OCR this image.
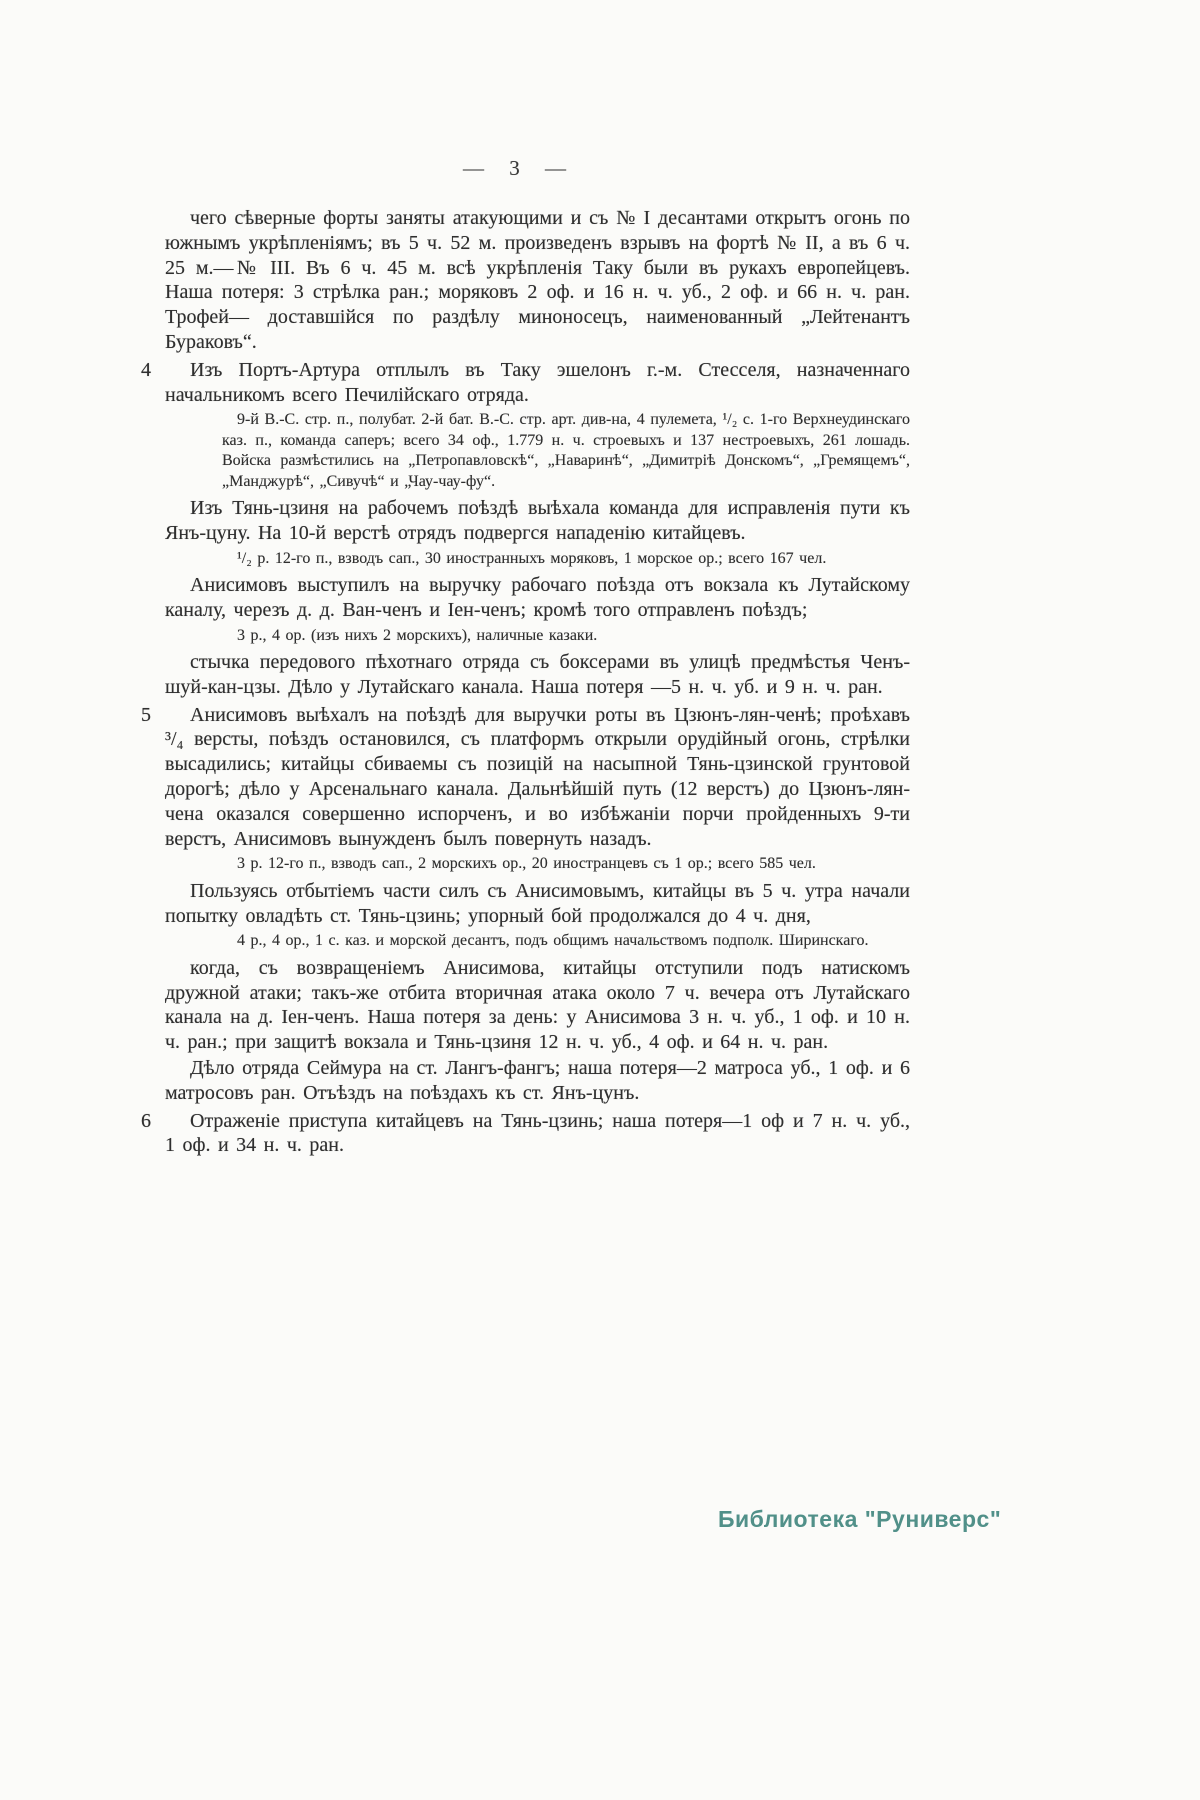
— 3 —

чего сѣверные форты заняты атакующими и съ № I десантами открытъ огонь по южнымъ укрѣпленіямъ; въ 5 ч. 52 м. произведенъ взрывъ на фортѣ № II, а въ 6 ч. 25 м.—№ III. Въ 6 ч. 45 м. всѣ укрѣпленія Таку были въ рукахъ европейцевъ. Наша потеря: 3 стрѣлка ран.; моряковъ 2 оф. и 16 н. ч. уб., 2 оф. и 66 н. ч. ран. Трофей— доставшійся по раздѣлу миноносецъ, наименованный „Лейтенантъ Бураковъ“.

4	Изъ Портъ-Артура отплылъ въ Таку эшелонъ г.-м. Стесселя, назначеннаго начальникомъ всего Печилійскаго отряда.

9-й В.-С. стр. п., полубат. 2-й бат. В.-С. стр. арт. див-на, 4 пулемета, ¹/₂ с. 1-го Верхнеудинскаго каз. п., команда саперъ; всего 34 оф., 1.779 н. ч. строевыхъ и 137 нестроевыхъ, 261 лошадь. Войска размѣстились на „Петропавловскѣ“, „Наваринѣ“, „Димитріѣ Донскомъ“, „Гремящемъ“, „Манджурѣ“, „Сивучѣ“ и „Чау-чау-фу“.

Изъ Тянь-цзиня на рабочемъ поѣздѣ выѣхала команда для исправленія пути къ Янъ-цуну. На 10-й верстѣ отрядъ подвергся нападенію китайцевъ.

¹/₂ р. 12-го п., взводъ сап., 30 иностранныхъ моряковъ, 1 морское ор.; всего 167 чел.

Анисимовъ выступилъ на выручку рабочаго поѣзда отъ вокзала къ Лутайскому каналу, черезъ д. д. Ван-ченъ и Іен-ченъ; кромѣ того отправленъ поѣздъ;

3 р., 4 ор. (изъ нихъ 2 морскихъ), наличные казаки.

стычка передового пѣхотнаго отряда съ боксерами въ улицѣ предмѣстья Ченъ-шуй-кан-цзы. Дѣло у Лутайскаго канала. Наша потеря —5 н. ч. уб. и 9 н. ч. ран.

5	Анисимовъ выѣхалъ на поѣздѣ для выручки роты въ Цзюнъ-лян-ченѣ; проѣхавъ ³/₄ версты, поѣздъ остановился, съ платформъ открыли орудійный огонь, стрѣлки высадились; китайцы сбиваемы съ позицій на насыпной Тянь-цзинской грунтовой дорогѣ; дѣло у Арсенальнаго канала. Дальнѣйшій путь (12 верстъ) до Цзюнъ-лян-чена оказался совершенно испорченъ, и во избѣжаніи порчи пройденныхъ 9-ти верстъ, Анисимовъ вынужденъ былъ повернуть назадъ.

3 р. 12-го п., взводъ сап., 2 морскихъ ор., 20 иностранцевъ съ 1 ор.; всего 585 чел.

Пользуясь отбытіемъ части силъ съ Анисимовымъ, китайцы въ 5 ч. утра начали попытку овладѣть ст. Тянь-цзинь; упорный бой продолжался до 4 ч. дня,

4 р., 4 ор., 1 с. каз. и морской десантъ, подъ общимъ начальствомъ подполк. Ширинскаго.

когда, съ возвращеніемъ Анисимова, китайцы отступили подъ натискомъ дружной атаки; такъ-же отбита вторичная атака около 7 ч. вечера отъ Лутайскаго канала на д. Іен-ченъ. Наша потеря за день: у Анисимова 3 н. ч. уб., 1 оф. и 10 н. ч. ран.; при защитѣ вокзала и Тянь-цзиня 12 н. ч. уб., 4 оф. и 64 н. ч. ран.

Дѣло отряда Сеймура на ст. Лангъ-фангъ; наша потеря—2 матроса уб., 1 оф. и 6 матросовъ ран. Отъѣздъ на поѣздахъ къ ст. Янъ-цунъ.

6	Отраженіе приступа китайцевъ на Тянь-цзинь; наша потеря—1 оф и 7 н. ч. уб., 1 оф. и 34 н. ч. ран.

Библиотека "Руниверс"
